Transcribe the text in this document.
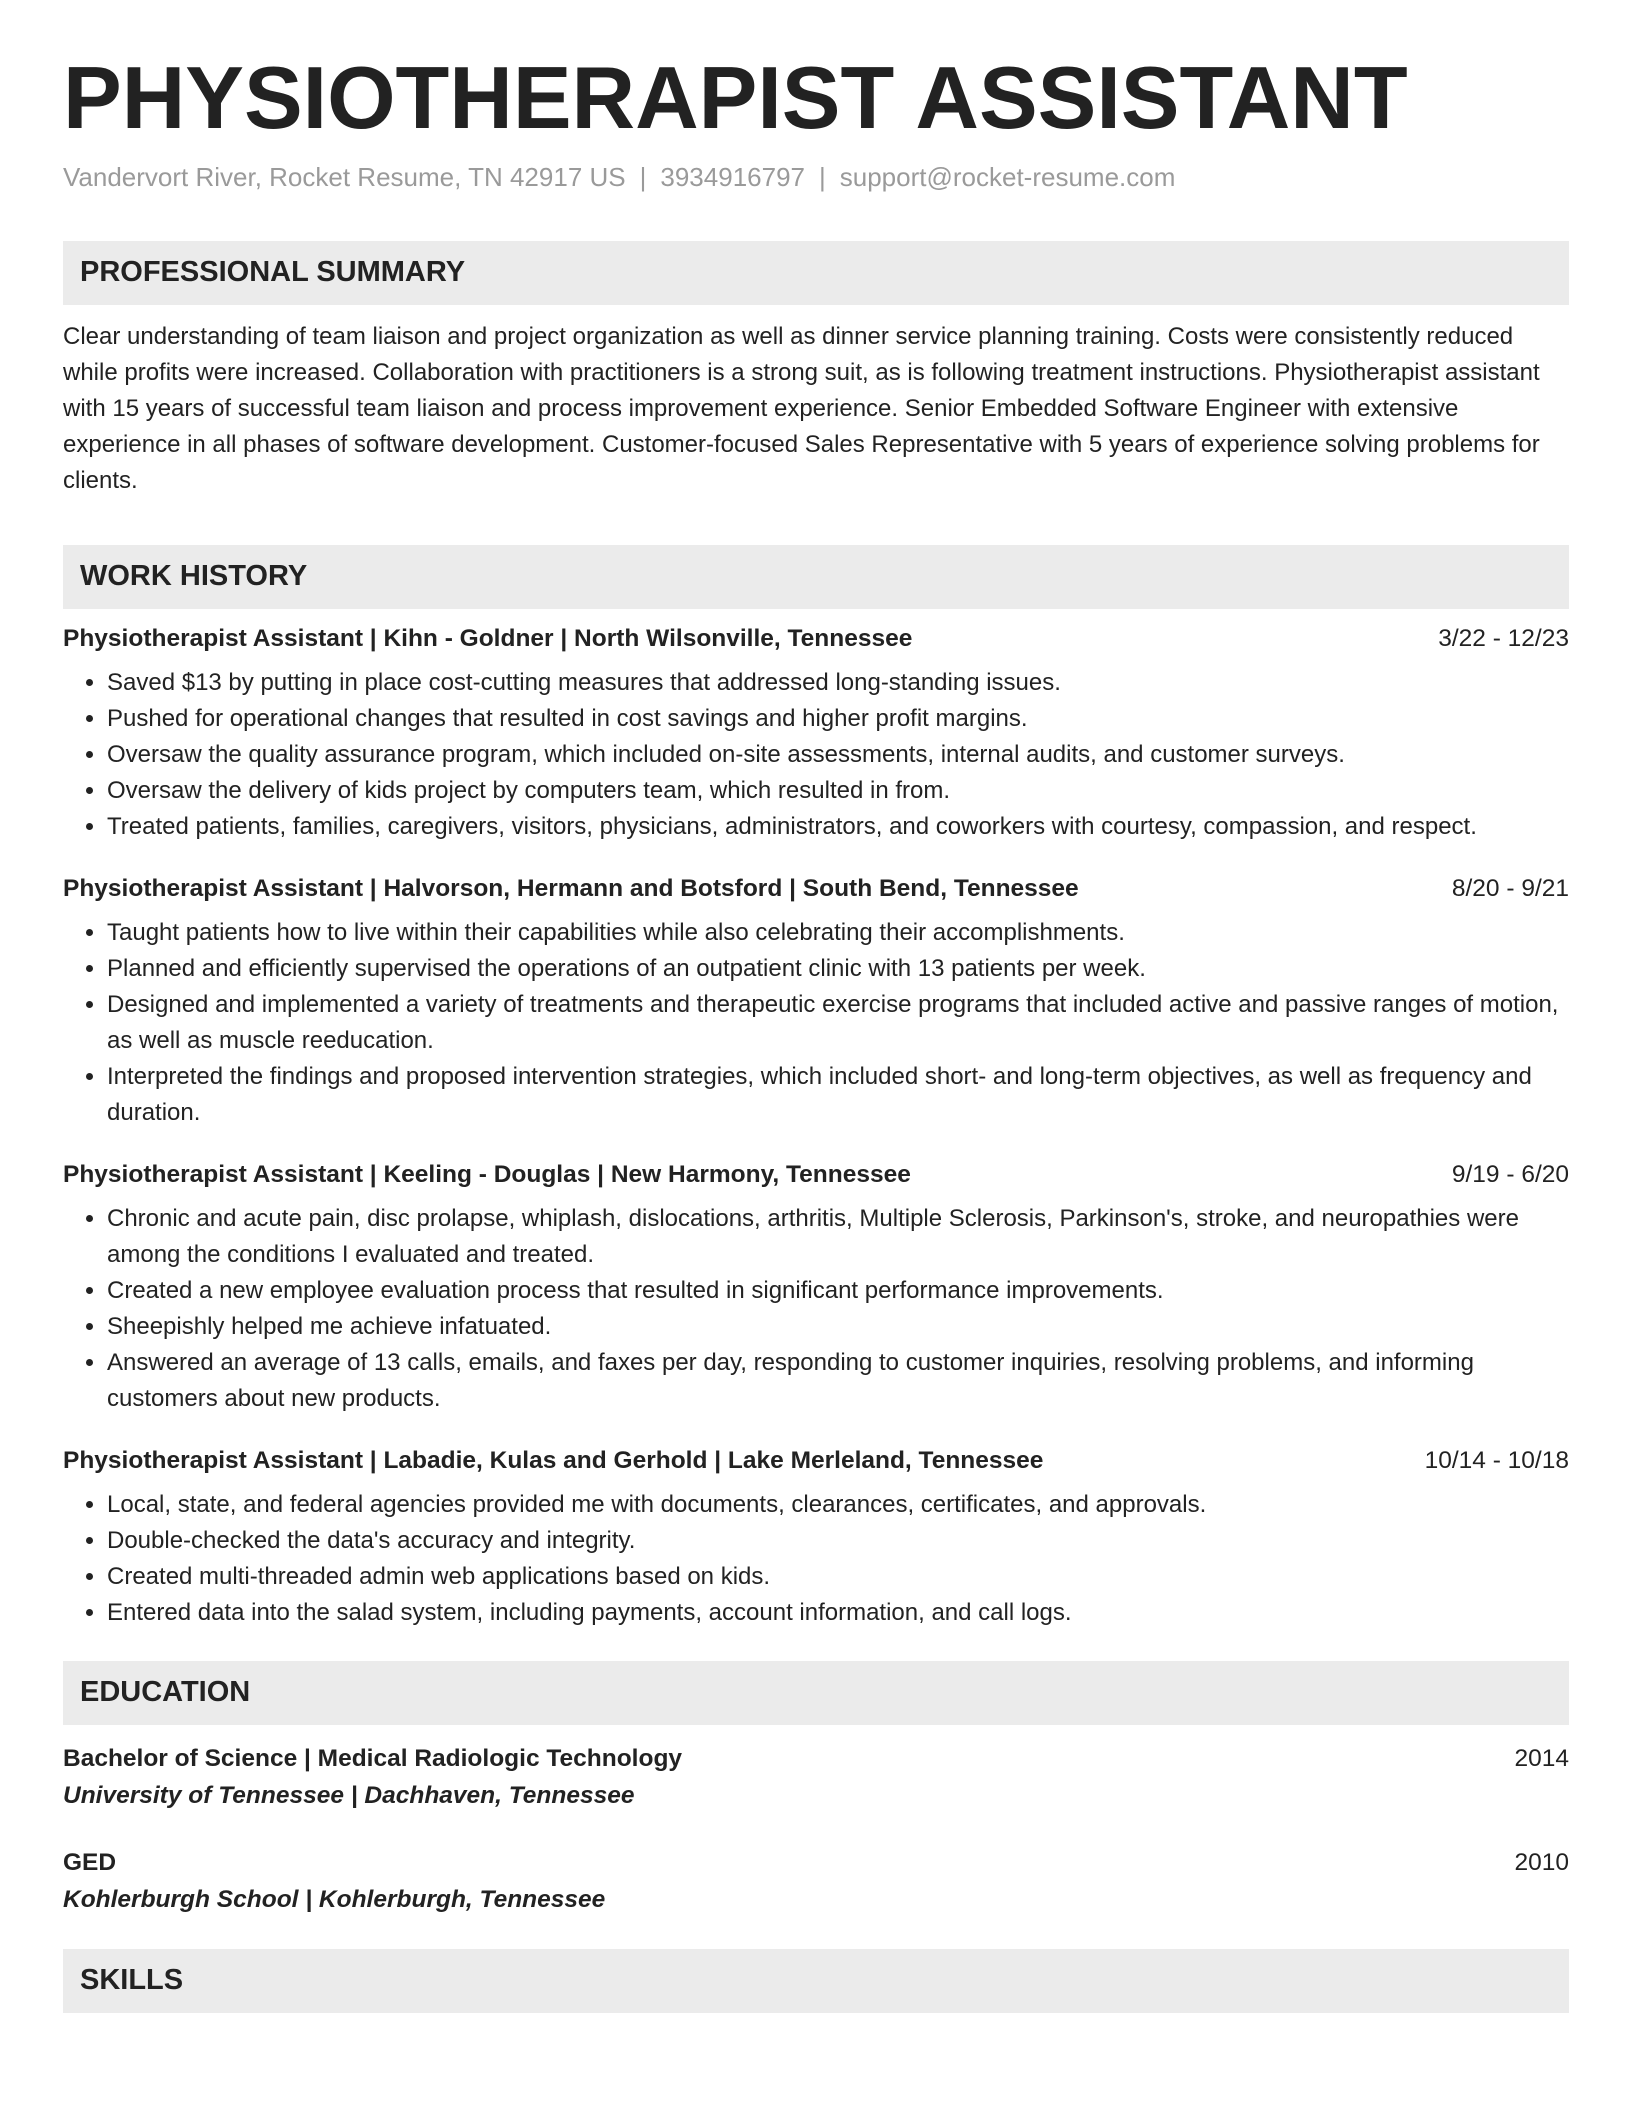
PHYSIOTHERAPIST ASSISTANT
Vandervort River, Rocket Resume, TN 42917 US | 3934916797 | support@rocket-resume.com
PROFESSIONAL SUMMARY
Clear understanding of team liaison and project organization as well as dinner service planning training. Costs were consistently reduced while profits were increased. Collaboration with practitioners is a strong suit, as is following treatment instructions. Physiotherapist assistant with 15 years of successful team liaison and process improvement experience. Senior Embedded Software Engineer with extensive experience in all phases of software development. Customer-focused Sales Representative with 5 years of experience solving problems for clients.
WORK HISTORY
Physiotherapist Assistant | Kihn - Goldner | North Wilsonville, Tennessee	3/22 - 12/23
• Saved $13 by putting in place cost-cutting measures that addressed long-standing issues.
• Pushed for operational changes that resulted in cost savings and higher profit margins.
• Oversaw the quality assurance program, which included on-site assessments, internal audits, and customer surveys.
• Oversaw the delivery of kids project by computers team, which resulted in from.
• Treated patients, families, caregivers, visitors, physicians, administrators, and coworkers with courtesy, compassion, and respect.
Physiotherapist Assistant | Halvorson, Hermann and Botsford | South Bend, Tennessee	8/20 - 9/21
• Taught patients how to live within their capabilities while also celebrating their accomplishments.
• Planned and efficiently supervised the operations of an outpatient clinic with 13 patients per week.
• Designed and implemented a variety of treatments and therapeutic exercise programs that included active and passive ranges of motion, as well as muscle reeducation.
• Interpreted the findings and proposed intervention strategies, which included short- and long-term objectives, as well as frequency and duration.
Physiotherapist Assistant | Keeling - Douglas | New Harmony, Tennessee	9/19 - 6/20
• Chronic and acute pain, disc prolapse, whiplash, dislocations, arthritis, Multiple Sclerosis, Parkinson's, stroke, and neuropathies were among the conditions I evaluated and treated.
• Created a new employee evaluation process that resulted in significant performance improvements.
• Sheepishly helped me achieve infatuated.
• Answered an average of 13 calls, emails, and faxes per day, responding to customer inquiries, resolving problems, and informing customers about new products.
Physiotherapist Assistant | Labadie, Kulas and Gerhold | Lake Merleland, Tennessee	10/14 - 10/18
• Local, state, and federal agencies provided me with documents, clearances, certificates, and approvals.
• Double-checked the data's accuracy and integrity.
• Created multi-threaded admin web applications based on kids.
• Entered data into the salad system, including payments, account information, and call logs.
EDUCATION
Bachelor of Science | Medical Radiologic Technology	2014
University of Tennessee | Dachhaven, Tennessee
GED	2010
Kohlerburgh School | Kohlerburgh, Tennessee
SKILLS
